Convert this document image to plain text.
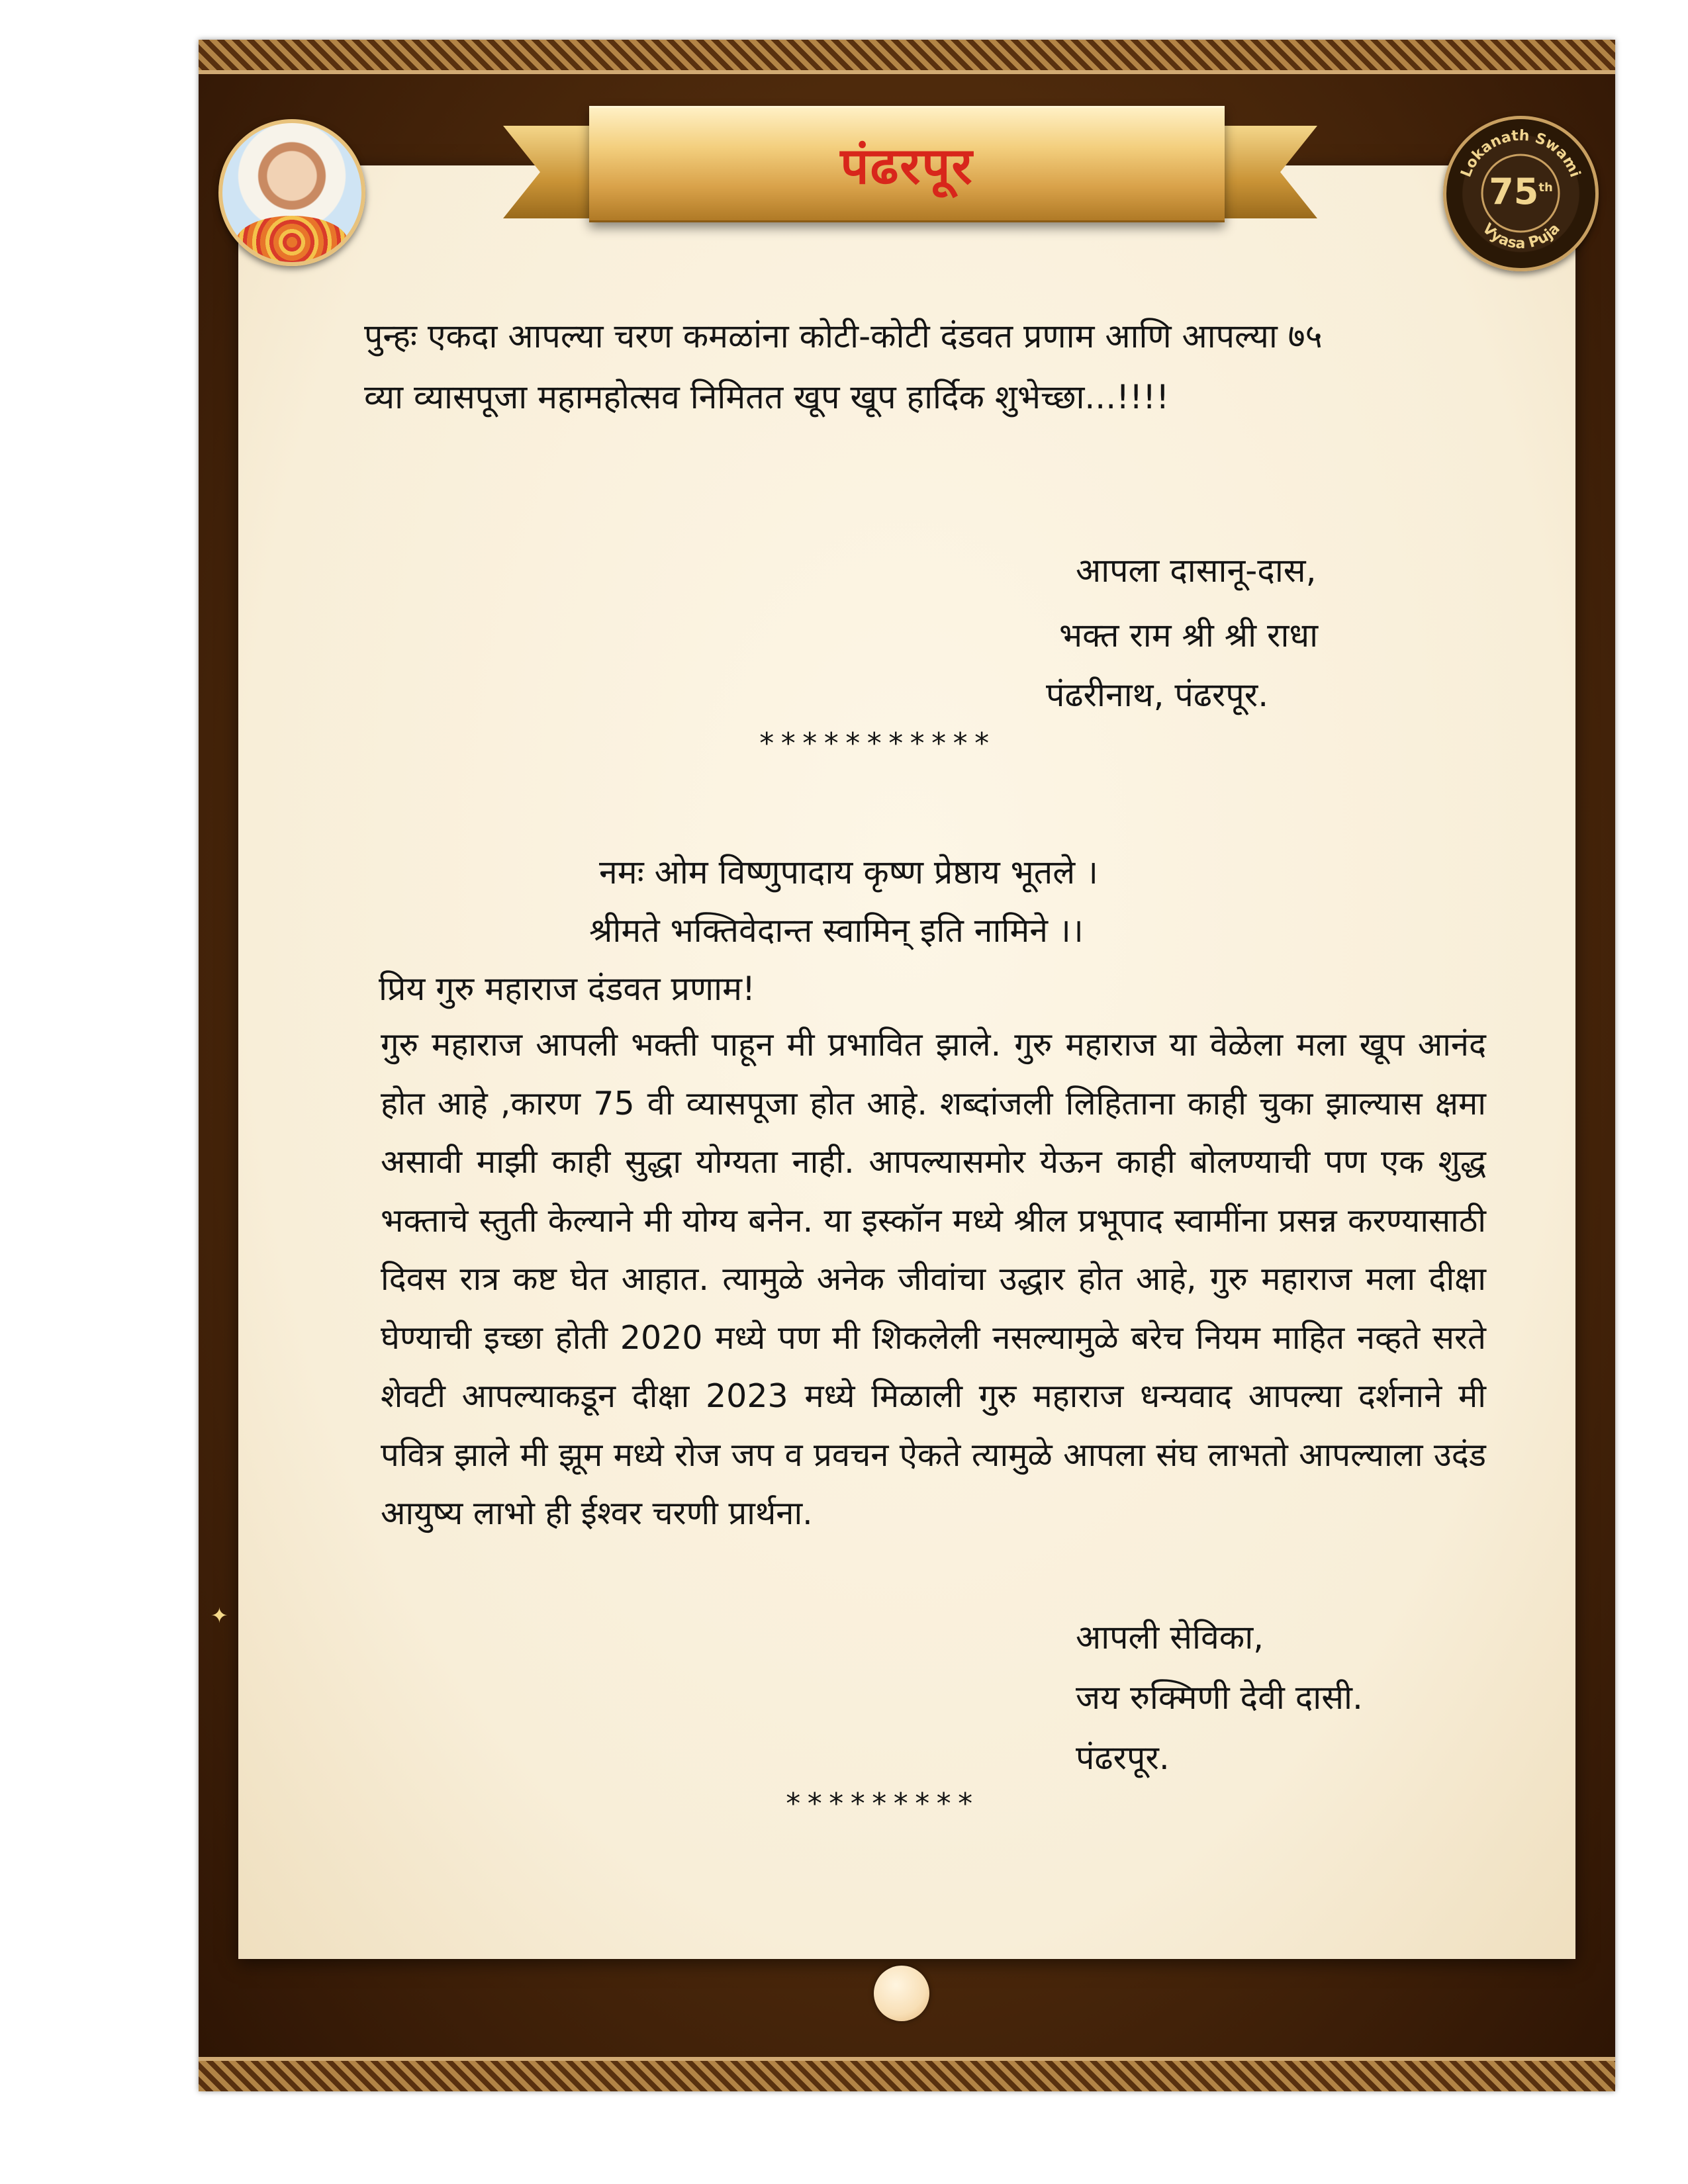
पंढरपूर	Lokanath Swami
Vyasa Puja
75th
पुन्हः एकदा आपल्या चरण कमळांना कोटी-कोटी दंडवत प्रणाम आणि आपल्या ७५
व्या व्यासपूजा महामहोत्सव निमितत खूप खूप हार्दिक शुभेच्छा...!!!!
आपला दासानू-दास,
भक्त राम श्री श्री राधा
पंढरीनाथ, पंढरपूर.
***********
नमः ओम विष्णुपादाय कृष्ण प्रेष्ठाय भूतले ।
श्रीमते भक्तिवेदान्त स्वामिन् इति नामिने ।।
प्रिय गुरु महाराज दंडवत प्रणाम!
गुरु महाराज आपली भक्ती पाहून मी प्रभावित झाले. गुरु महाराज या वेळेला मला खूप आनंद होत आहे ,कारण 75 वी व्यासपूजा होत आहे. शब्दांजली लिहिताना काही चुका झाल्यास क्षमा असावी माझी काही सुद्धा योग्यता नाही. आपल्यासमोर येऊन काही बोलण्याची पण एक शुद्ध भक्ताचे स्तुती केल्याने मी योग्य बनेन. या इस्कॉन मध्ये श्रील प्रभूपाद स्वामींना प्रसन्न करण्यासाठी दिवस रात्र कष्ट घेत आहात. त्यामुळे अनेक जीवांचा उद्धार होत आहे, गुरु महाराज मला दीक्षा घेण्याची इच्छा होती 2020 मध्ये पण मी शिकलेली नसल्यामुळे बरेच नियम माहित नव्हते सरते शेवटी आपल्याकडून दीक्षा 2023 मध्ये मिळाली गुरु महाराज धन्यवाद आपल्या दर्शनाने मी पवित्र झाले मी झूम मध्ये रोज जप व प्रवचन ऐकते त्यामुळे आपला संघ लाभतो आपल्याला उदंड आयुष्य लाभो ही ईश्वर चरणी प्रार्थना.
आपली सेविका,
जय रुक्मिणी देवी दासी.
पंढरपूर.
*********
✦
